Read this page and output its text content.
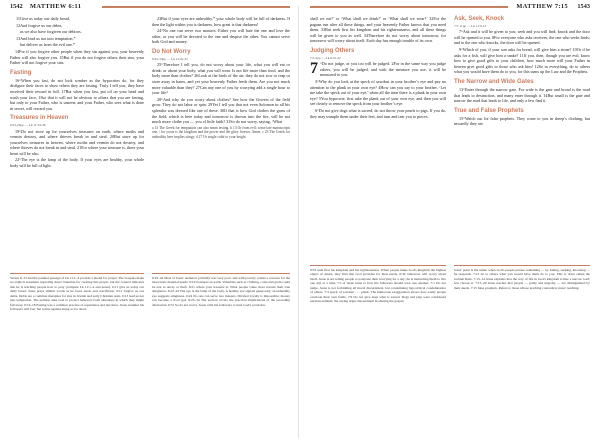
1542 MATTHEW 6:11

11Give us today our daily bread.

12And forgive us our debts,

as we also have forgiven our debtors.

13And lead us not into temptation,*

but deliver us from the evil one.*

14For if you forgive other people when they sin against you, your heavenly Father will also forgive you. 15But if you do not forgive others their sins, your Father will not forgive your sins.

Fasting

16“When you fast, do not look somber as the hypocrites do, for they disfigure their faces to show others they are fasting. Truly I tell you, they have received their reward in full. 17But when you fast, put oil on your head and wash your face, 18so that it will not be obvious to others that you are fasting, but only to your Father, who is unseen; and your Father, who sees what is done in secret, will reward you.

Treasures in Heaven
6:22,23pp — Lk 11:34-36

19“Do not store up for yourselves treasures on earth, where moths and vermin destroy, and where thieves break in and steal. 20But store up for yourselves treasures in heaven, where moths and vermin do not destroy, and where thieves do not break in and steal. 21For where your treasure is, there your heart will be also.

22“The eye is the lamp of the body. If your eyes are healthy, your whole body will be full of light.

23But if your eyes are unhealthy,* your whole body will be full of darkness. If then the light within you is darkness, how great is that darkness!

24“No one can serve two masters. Either you will hate the one and love the other, or you will be devoted to the one and despise the other. You cannot serve both God and money.

Do Not Worry
6:25-33pp — Lk 12:22-31

25“Therefore I tell you, do not worry about your life, what you will eat or drink; or about your body, what you will wear. Is not life more than food, and the body more than clothes? 26Look at the birds of the air; they do not sow or reap or store away in barns, and yet your heavenly Father feeds them. Are you not much more valuable than they? 27Can any one of you by worrying add a single hour to your life?

28“And why do you worry about clothes? See how the flowers of the field grow. They do not labor or spin. 29Yet I tell you that not even Solomon in all his splendor was dressed like one of these. 30If that is how God clothes the grass of the field, which is here today and tomorrow is thrown into the fire, will he not much more clothe you — you of little faith? 31So do not worry, saying, ‘What

a 13 The Greek for temptation can also mean testing. b 13 Or from evil; some late manuscripts one, / for yours is the kingdom and the power and the glory forever. Amen. c 23 The Greek for unhealthy here implies stingy. d 27 Or single cubit to your height

Verses 9–13 and the parallel passage of Lk 11:1–4 provide a model for prayer. The Gospels make no explicit statement regarding Jesus' intention for creating this prayer, but the context indicates that he is teaching people how to pray (compare Lk 11:1–4 and notes). 6:11 give us today our daily bread. Jesus prays similar words as he faces arrest and crucifixion. 6:12 forgive us our debts. Debts are a common metaphor for sins in Jewish and early Christian texts. 6:13 lead us not into temptation. The petition asks God to protect believers from situations in which they might fall away. 6:16–18 Fasting was a common practice of repentance and devotion. Jesus assumes his followers will fast, but warns against doing so for show.

6:19–24 Most of Jesus' audience probably was very poor, and with poverty comes a concern for the most basic material needs. 6:19 treasures on earth. Valuables such as clothing, coins and grain could be lost to decay or theft. 6:21 where your treasure is. What people value most reveals their true allegiance. 6:22–23 The eye is the lamp of the body. A healthy eye signals generosity; an unhealthy eye suggests stinginess. 6:24 No one can serve two masters. Divided loyalty is impossible; money can become a rival god. 6:25–34 The section covers the practical implications of the preceding discussion. 6:31 So do not worry. Jesus calls his followers to trust God's provision.

MATTHEW 7:15 1543

shall we eat?’ or ‘What shall we drink?’ or ‘What shall we wear?’ 32For the pagans run after all these things, and your heavenly Father knows that you need them. 33But seek first his kingdom and his righteousness, and all these things will be given to you as well. 34Therefore do not worry about tomorrow, for tomorrow will worry about itself. Each day has enough trouble of its own.

Judging Others
7:3-5pp — Lk 6:41,42

7 “Do not judge, or you too will be judged. 2For in the same way you judge others, you will be judged, and with the measure you use, it will be measured to you.

3“Why do you look at the speck of sawdust in your brother’s eye and pay no attention to the plank in your own eye? 4How can you say to your brother, ‘Let me take the speck out of your eye,’ when all the time there is a plank in your own eye? 5You hypocrite, first take the plank out of your own eye, and then you will see clearly to remove the speck from your brother’s eye.

6“Do not give dogs what is sacred; do not throw your pearls to pigs. If you do, they may trample them under their feet, and turn and tear you to pieces.

Ask, Seek, Knock
7:7-11pp — Lk 11:9-13

7“Ask and it will be given to you; seek and you will find; knock and the door will be opened to you. 8For everyone who asks receives; the one who seeks finds; and to the one who knocks, the door will be opened.

9“Which of you, if your son asks for bread, will give him a stone? 10Or if he asks for a fish, will give him a snake? 11If you, then, though you are evil, know how to give good gifts to your children, how much more will your Father in heaven give good gifts to those who ask him! 12So in everything, do to others what you would have them do to you, for this sums up the Law and the Prophets.

The Narrow and Wide Gates

13“Enter through the narrow gate. For wide is the gate and broad is the road that leads to destruction, and many enter through it. 14But small is the gate and narrow the road that leads to life, and only a few find it.

True and False Prophets

15“Watch out for false prophets. They come to you in sheep’s clothing, but inwardly they are

6:33 seek first his kingdom and his righteousness. When people make God's kingdom the highest object of desire, they find that God provides for their needs. 6:34 tomorrow will worry about itself. Jesus is not telling people to postpone their worrying for a day; he is instructing them to live one day at a time. 7:1–6 Jesus turns to how his followers should treat one another. 7:1 Do not judge. Jesus is not forbidding all moral discernment, but condemning hypocritical condemnation of others. 7:3 speck of sawdust . . . plank. The humorous exaggeration shows how easily people overlook their own faults. 7:6 Do not give dogs what is sacred. Dogs and pigs were considered unclean animals; the saying urges discernment in sharing the gospel.

Jesus' point is the same: when God's people pursue something — by asking, seeking, knocking — he responds. 7:12 do to others what you would have them do to you. This is often called the Golden Rule. 7:13–14 Jesus explains that the way of life in God's kingdom is like a narrow road; few choose it. 7:15–20 Jesus teaches that people — godly and ungodly — are distinguished by their deeds. 7:15 false prophets. Refers to those whose teaching contradicts Jesus' teaching.
